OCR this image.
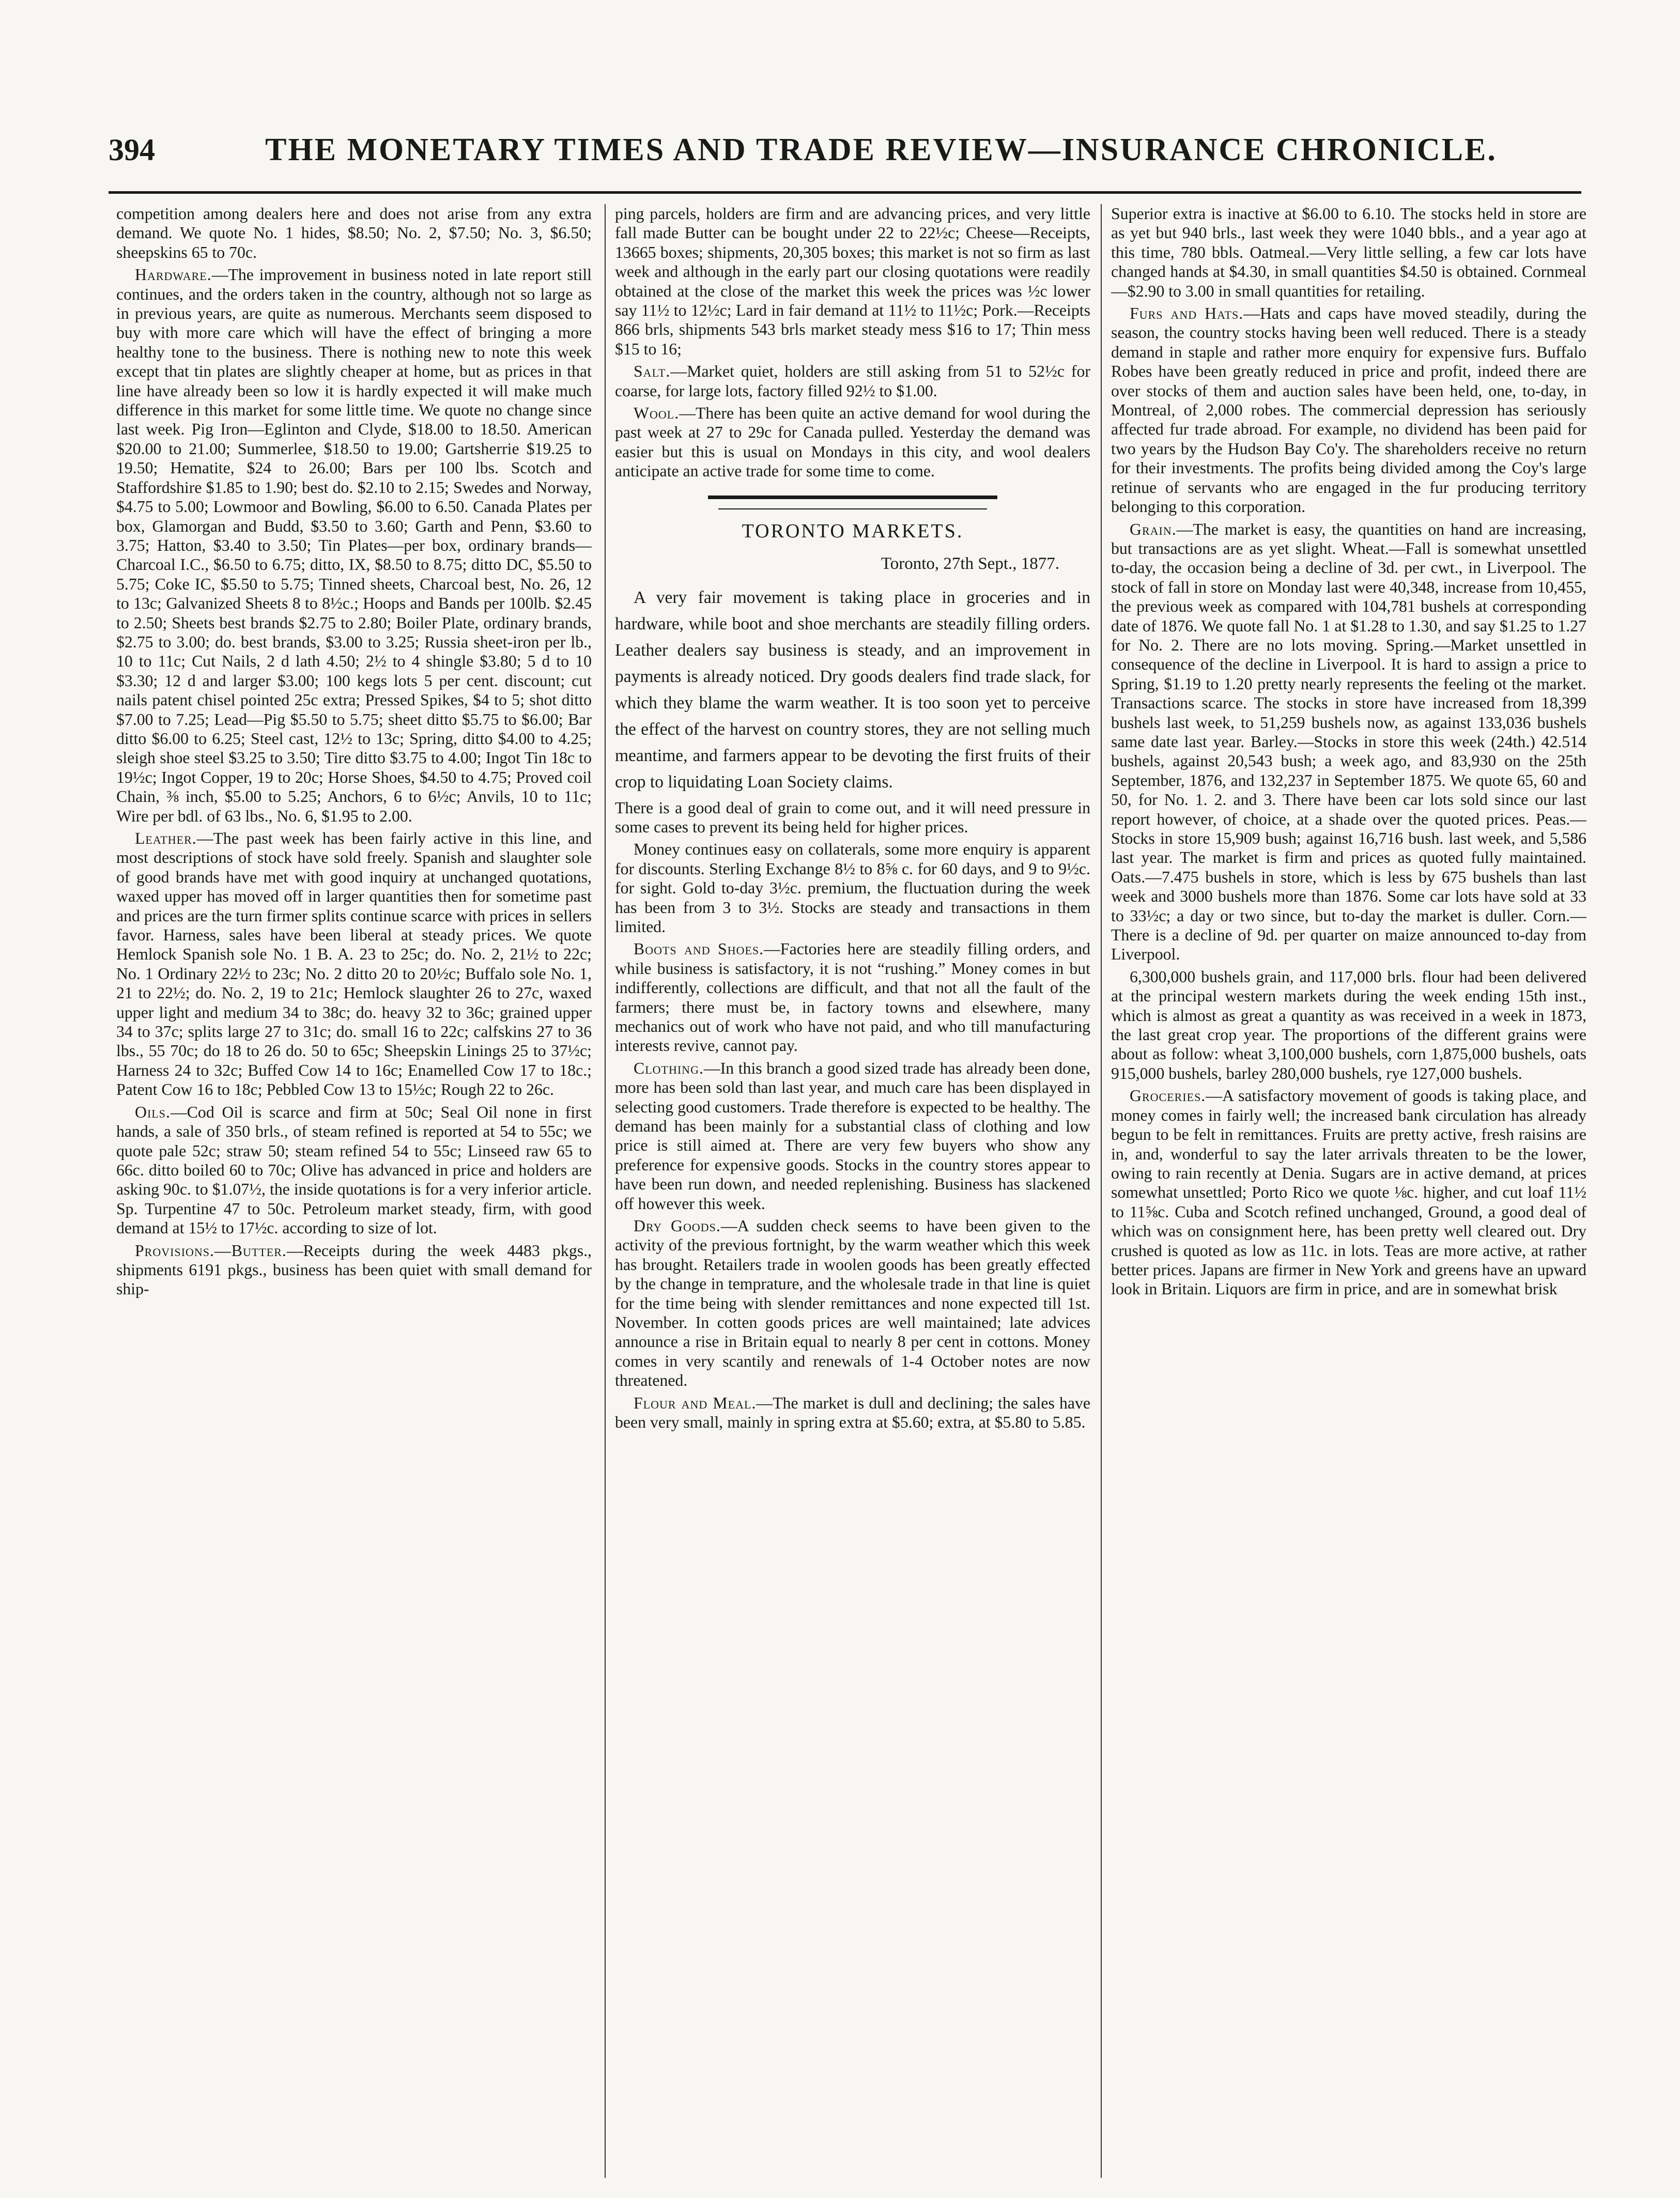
394	THE MONETARY TIMES AND TRADE REVIEW—INSURANCE CHRONICLE.

competition among dealers here and does not arise from any extra demand. We quote No. 1 hides, $8.50; No. 2, $7.50; No. 3, $6.50; sheepskins 65 to 70c.

Hardware.—The improvement in business noted in late report still continues, and the orders taken in the country, although not so large as in previous years, are quite as numerous. Merchants seem disposed to buy with more care which will have the effect of bringing a more healthy tone to the business. There is nothing new to note this week except that tin plates are slightly cheaper at home, but as prices in that line have already been so low it is hardly expected it will make much difference in this market for some little time. We quote no change since last week. Pig Iron—Eglinton and Clyde, $18.00 to 18.50. American $20.00 to 21.00; Summerlee, $18.50 to 19.00; Gartsherrie $19.25 to 19.50; Hematite, $24 to 26.00; Bars per 100 lbs. Scotch and Staffordshire $1.85 to 1.90; best do. $2.10 to 2.15; Swedes and Norway, $4.75 to 5.00; Lowmoor and Bowling, $6.00 to 6.50. Canada Plates per box, Glamorgan and Budd, $3.50 to 3.60; Garth and Penn, $3.60 to 3.75; Hatton, $3.40 to 3.50; Tin Plates—per box, ordinary brands—Charcoal I.C., $6.50 to 6.75; ditto, IX, $8.50 to 8.75; ditto DC, $5.50 to 5.75; Coke IC, $5.50 to 5.75; Tinned sheets, Charcoal best, No. 26, 12 to 13c; Galvanized Sheets 8 to 8½c.; Hoops and Bands per 100lb. $2.45 to 2.50; Sheets best brands $2.75 to 2.80; Boiler Plate, ordinary brands, $2.75 to 3.00; do. best brands, $3.00 to 3.25; Russia sheet-iron per lb., 10 to 11c; Cut Nails, 2 d lath 4.50; 2½ to 4 shingle $3.80; 5 d to 10 $3.30; 12 d and larger $3.00; 100 kegs lots 5 per cent. discount; cut nails patent chisel pointed 25c extra; Pressed Spikes, $4 to 5; shot ditto $7.00 to 7.25; Lead—Pig $5.50 to 5.75; sheet ditto $5.75 to $6.00; Bar ditto $6.00 to 6.25; Steel cast, 12½ to 13c; Spring, ditto $4.00 to 4.25; sleigh shoe steel $3.25 to 3.50; Tire ditto $3.75 to 4.00; Ingot Tin 18c to 19½c; Ingot Copper, 19 to 20c; Horse Shoes, $4.50 to 4.75; Proved coil Chain, ⅜ inch, $5.00 to 5.25; Anchors, 6 to 6½c; Anvils, 10 to 11c; Wire per bdl. of 63 lbs., No. 6, $1.95 to 2.00.

Leather.—The past week has been fairly active in this line, and most descriptions of stock have sold freely. Spanish and slaughter sole of good brands have met with good inquiry at unchanged quotations, waxed upper has moved off in larger quantities then for sometime past and prices are the turn firmer splits continue scarce with prices in sellers favor. Harness, sales have been liberal at steady prices. We quote Hemlock Spanish sole No. 1 B. A. 23 to 25c; do. No. 2, 21½ to 22c; No. 1 Ordinary 22½ to 23c; No. 2 ditto 20 to 20½c; Buffalo sole No. 1, 21 to 22½; do. No. 2, 19 to 21c; Hemlock slaughter 26 to 27c, waxed upper light and medium 34 to 38c; do. heavy 32 to 36c; grained upper 34 to 37c; splits large 27 to 31c; do. small 16 to 22c; calfskins 27 to 36 lbs., 55 70c; do 18 to 26 do. 50 to 65c; Sheepskin Linings 25 to 37½c; Harness 24 to 32c; Buffed Cow 14 to 16c; Enamelled Cow 17 to 18c.; Patent Cow 16 to 18c; Pebbled Cow 13 to 15½c; Rough 22 to 26c.

Oils.—Cod Oil is scarce and firm at 50c; Seal Oil none in first hands, a sale of 350 brls., of steam refined is reported at 54 to 55c; we quote pale 52c; straw 50; steam refined 54 to 55c; Linseed raw 65 to 66c. ditto boiled 60 to 70c; Olive has advanced in price and holders are asking 90c. to $1.07½, the inside quotations is for a very inferior article. Sp. Turpentine 47 to 50c. Petroleum market steady, firm, with good demand at 15½ to 17½c. according to size of lot.

Provisions.—Butter.—Receipts during the week 4483 pkgs., shipments 6191 pkgs., business has been quiet with small demand for ship-

ping parcels, holders are firm and are advancing prices, and very little fall made Butter can be bought under 22 to 22½c; Cheese—Receipts, 13665 boxes; shipments, 20,305 boxes; this market is not so firm as last week and although in the early part our closing quotations were readily obtained at the close of the market this week the prices was ½c lower say 11½ to 12½c; Lard in fair demand at 11½ to 11½c; Pork.—Receipts 866 brls, shipments 543 brls market steady mess $16 to 17; Thin mess $15 to 16;

Salt.—Market quiet, holders are still asking from 51 to 52½c for coarse, for large lots, factory filled 92½ to $1.00.

Wool.—There has been quite an active demand for wool during the past week at 27 to 29c for Canada pulled. Yesterday the demand was easier but this is usual on Mondays in this city, and wool dealers anticipate an active trade for some time to come.

TORONTO MARKETS.
Toronto, 27th Sept., 1877.

A very fair movement is taking place in groceries and in hardware, while boot and shoe merchants are steadily filling orders. Leather dealers say business is steady, and an improvement in payments is already noticed. Dry goods dealers find trade slack, for which they blame the warm weather. It is too soon yet to perceive the effect of the harvest on country stores, they are not selling much meantime, and farmers appear to be devoting the first fruits of their crop to liquidating Loan Society claims.

There is a good deal of grain to come out, and it will need pressure in some cases to prevent its being held for higher prices.

Money continues easy on collaterals, some more enquiry is apparent for discounts. Sterling Exchange 8½ to 8⅝ c. for 60 days, and 9 to 9½c. for sight. Gold to-day 3½c. premium, the fluctuation during the week has been from 3 to 3½. Stocks are steady and transactions in them limited.

Boots and Shoes.—Factories here are steadily filling orders, and while business is satisfactory, it is not “rushing.” Money comes in but indifferently, collections are difficult, and that not all the fault of the farmers; there must be, in factory towns and elsewhere, many mechanics out of work who have not paid, and who till manufacturing interests revive, cannot pay.

Clothing.—In this branch a good sized trade has already been done, more has been sold than last year, and much care has been displayed in selecting good customers. Trade therefore is expected to be healthy. The demand has been mainly for a substantial class of clothing and low price is still aimed at. There are very few buyers who show any preference for expensive goods. Stocks in the country stores appear to have been run down, and needed replenishing. Business has slackened off however this week.

Dry Goods.—A sudden check seems to have been given to the activity of the previous fortnight, by the warm weather which this week has brought. Retailers trade in woolen goods has been greatly effected by the change in temprature, and the wholesale trade in that line is quiet for the time being with slender remittances and none expected till 1st. November. In cotten goods prices are well maintained; late advices announce a rise in Britain equal to nearly 8 per cent in cottons. Money comes in very scantily and renewals of 1-4 October notes are now threatened.

Flour and Meal.—The market is dull and declining; the sales have been very small, mainly in spring extra at $5.60; extra, at $5.80 to 5.85.

Superior extra is inactive at $6.00 to 6.10. The stocks held in store are as yet but 940 brls., last week they were 1040 bbls., and a year ago at this time, 780 bbls. Oatmeal.—Very little selling, a few car lots have changed hands at $4.30, in small quantities $4.50 is obtained. Cornmeal—$2.90 to 3.00 in small quantities for retailing.

Furs and Hats.—Hats and caps have moved steadily, during the season, the country stocks having been well reduced. There is a steady demand in staple and rather more enquiry for expensive furs. Buffalo Robes have been greatly reduced in price and profit, indeed there are over stocks of them and auction sales have been held, one, to-day, in Montreal, of 2,000 robes. The commercial depression has seriously affected fur trade abroad. For example, no dividend has been paid for two years by the Hudson Bay Co'y. The shareholders receive no return for their investments. The profits being divided among the Coy's large retinue of servants who are engaged in the fur producing territory belonging to this corporation.

Grain.—The market is easy, the quantities on hand are increasing, but transactions are as yet slight. Wheat.—Fall is somewhat unsettled to-day, the occasion being a decline of 3d. per cwt., in Liverpool. The stock of fall in store on Monday last were 40,348, increase from 10,455, the previous week as compared with 104,781 bushels at corresponding date of 1876. We quote fall No. 1 at $1.28 to 1.30, and say $1.25 to 1.27 for No. 2. There are no lots moving. Spring.—Market unsettled in consequence of the decline in Liverpool. It is hard to assign a price to Spring, $1.19 to 1.20 pretty nearly represents the feeling ot the market. Transactions scarce. The stocks in store have increased from 18,399 bushels last week, to 51,259 bushels now, as against 133,036 bushels same date last year. Barley.—Stocks in store this week (24th.) 42.514 bushels, against 20,543 bush; a week ago, and 83,930 on the 25th September, 1876, and 132,237 in September 1875. We quote 65, 60 and 50, for No. 1. 2. and 3. There have been car lots sold since our last report however, of choice, at a shade over the quoted prices. Peas.—Stocks in store 15,909 bush; against 16,716 bush. last week, and 5,586 last year. The market is firm and prices as quoted fully maintained. Oats.—7.475 bushels in store, which is less by 675 bushels than last week and 3000 bushels more than 1876. Some car lots have sold at 33 to 33½c; a day or two since, but to-day the market is duller. Corn.—There is a decline of 9d. per quarter on maize announced to-day from Liverpool.

6,300,000 bushels grain, and 117,000 brls. flour had been delivered at the principal western markets during the week ending 15th inst., which is almost as great a quantity as was received in a week in 1873, the last great crop year. The proportions of the different grains were about as follow: wheat 3,100,000 bushels, corn 1,875,000 bushels, oats 915,000 bushels, barley 280,000 bushels, rye 127,000 bushels.

Groceries.—A satisfactory movement of goods is taking place, and money comes in fairly well; the increased bank circulation has already begun to be felt in remittances. Fruits are pretty active, fresh raisins are in, and, wonderful to say the later arrivals threaten to be the lower, owing to rain recently at Denia. Sugars are in active demand, at prices somewhat unsettled; Porto Rico we quote ⅛c. higher, and cut loaf 11½ to 11⅝c. Cuba and Scotch refined unchanged, Ground, a good deal of which was on consignment here, has been pretty well cleared out. Dry crushed is quoted as low as 11c. in lots. Teas are more active, at rather better prices. Japans are firmer in New York and greens have an upward look in Britain. Liquors are firm in price, and are in somewhat brisk
